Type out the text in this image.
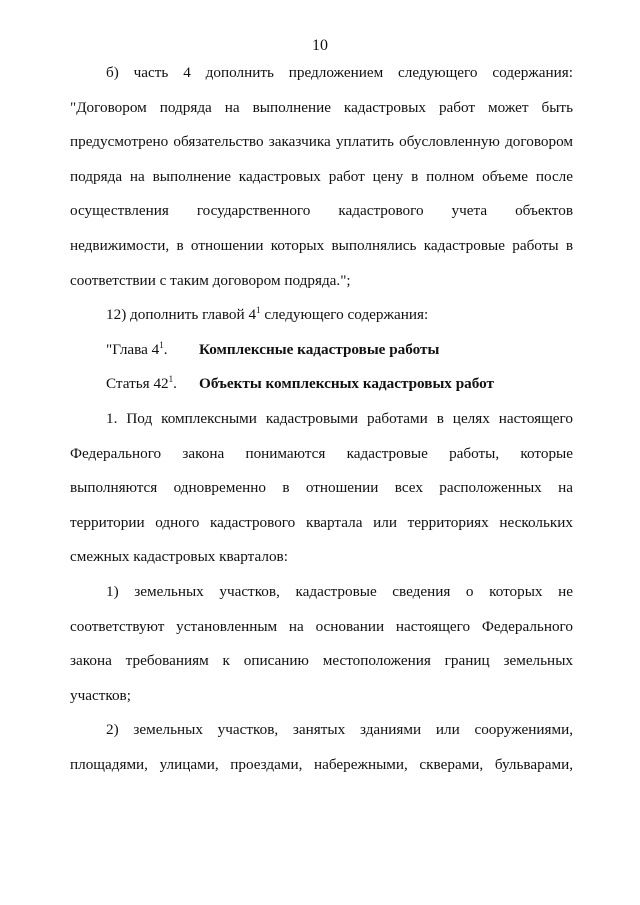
10

б) часть 4 дополнить предложением следующего содержания: "Договором подряда на выполнение кадастровых работ может быть предусмотрено обязательство заказчика уплатить обусловленную договором подряда на выполнение кадастровых работ цену в полном объеме после осуществления государственного кадастрового учета объектов недвижимости, в отношении которых выполнялись кадастровые работы в соответствии с таким договором подряда.";

12) дополнить главой $4^1$ следующего содержания:

"Глава $4^1$.	Комплексные кадастровые работы
Статья $42^1$.	Объекты комплексных кадастровых работ

1. Под комплексными кадастровыми работами в целях настоящего Федерального закона понимаются кадастровые работы, которые выполняются одновременно в отношении всех расположенных на территории одного кадастрового квартала или территориях нескольких смежных кадастровых кварталов:

1) земельных участков, кадастровые сведения о которых не соответствуют установленным на основании настоящего Федерального закона требованиям к описанию местоположения границ земельных участков;

2) земельных участков, занятых зданиями или сооружениями, площадями, улицами, проездами, набережными, скверами, бульварами,
